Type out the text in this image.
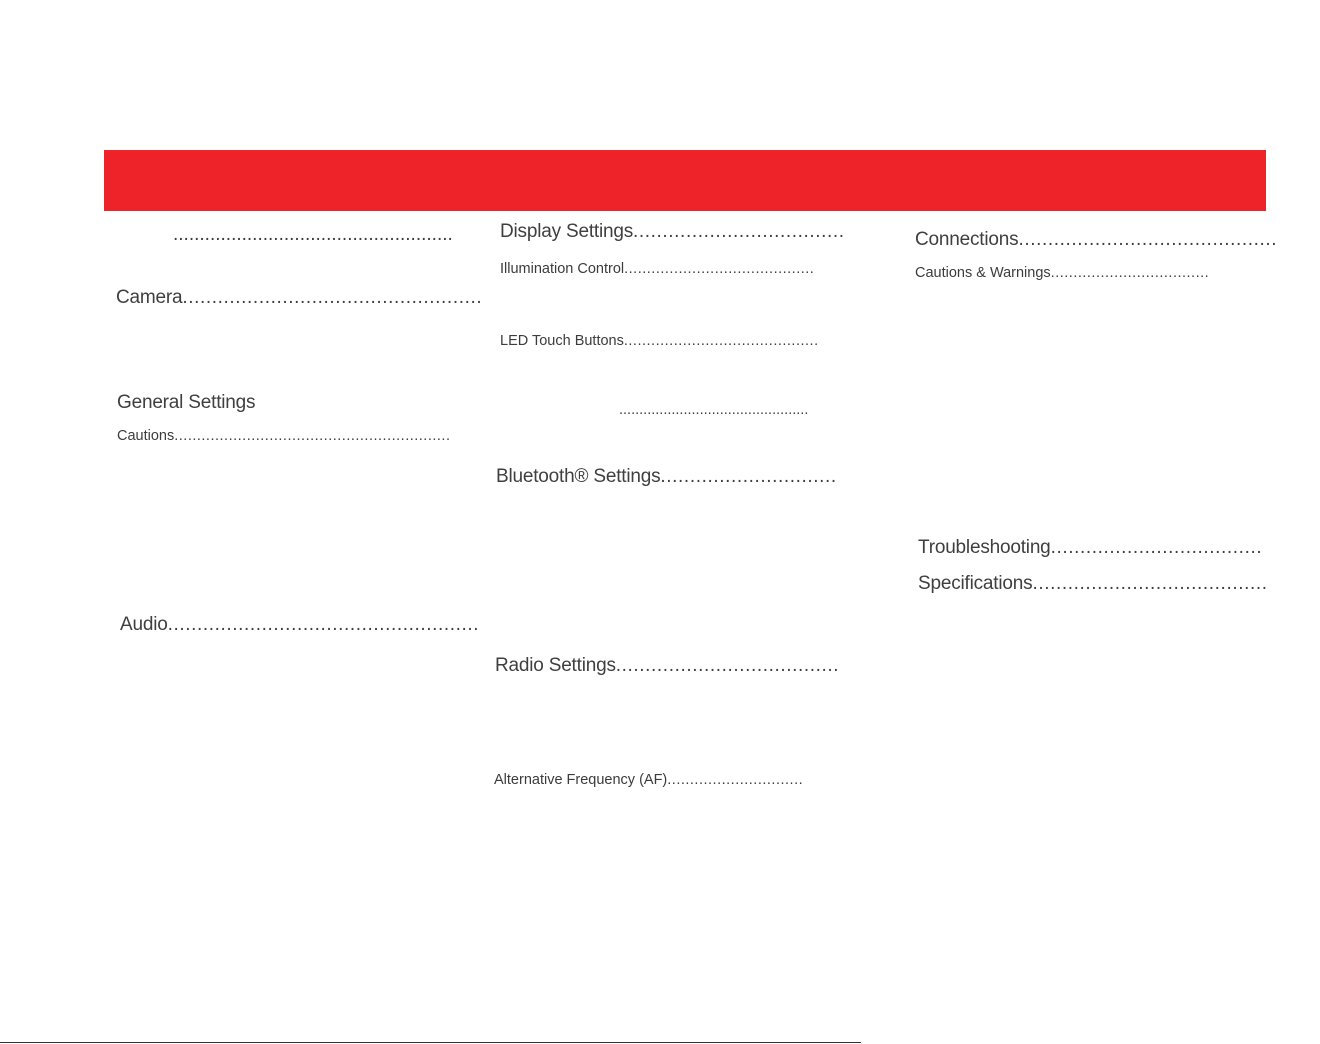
.....................................................
Camera...................................................
General Settings
Cautions.............................................................
Audio.....................................................
Display Settings....................................
Illumination Control..........................................
LED Touch Buttons...........................................
...............................................
Bluetooth® Settings..............................
Radio Settings......................................
Alternative Frequency (AF)..............................
Connections............................................
Cautions & Warnings...................................
Troubleshooting....................................
Specifications........................................
